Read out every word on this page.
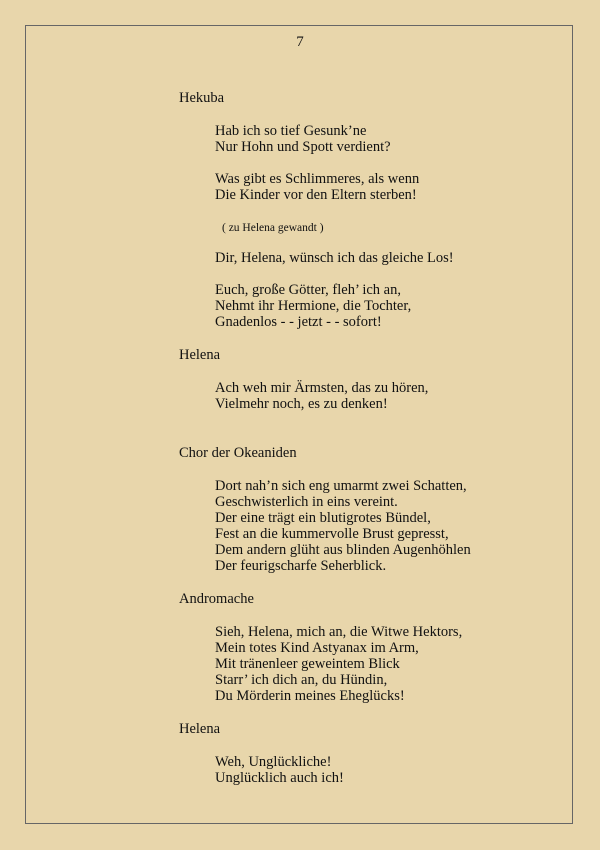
7
Hekuba
Hab ich so tief Gesunk’ne
Nur Hohn und Spott verdient?
Was gibt es Schlimmeres, als wenn
Die Kinder vor den Eltern sterben!
( zu Helena gewandt )
Dir, Helena, wünsch ich das gleiche Los!
Euch, große Götter, fleh’ ich an,
Nehmt ihr Hermione, die Tochter,
Gnadenlos - - jetzt - - sofort!
Helena
Ach weh mir Ärmsten, das zu hören,
Vielmehr noch, es zu denken!
Chor der Okeaniden
Dort nah’n sich eng umarmt zwei Schatten,
Geschwisterlich in eins vereint.
Der eine trägt ein blutigrotes Bündel,
Fest an die kummervolle Brust gepresst,
Dem andern glüht aus blinden Augenhöhlen
Der feurigscharfe Seherblick.
Andromache
Sieh, Helena, mich an, die Witwe Hektors,
Mein totes Kind Astyanax im Arm,
Mit tränenleer geweintem Blick
Starr’ ich dich an, du Hündin,
Du Mörderin meines Eheglücks!
Helena
Weh, Unglückliche!
Unglücklich auch ich!
